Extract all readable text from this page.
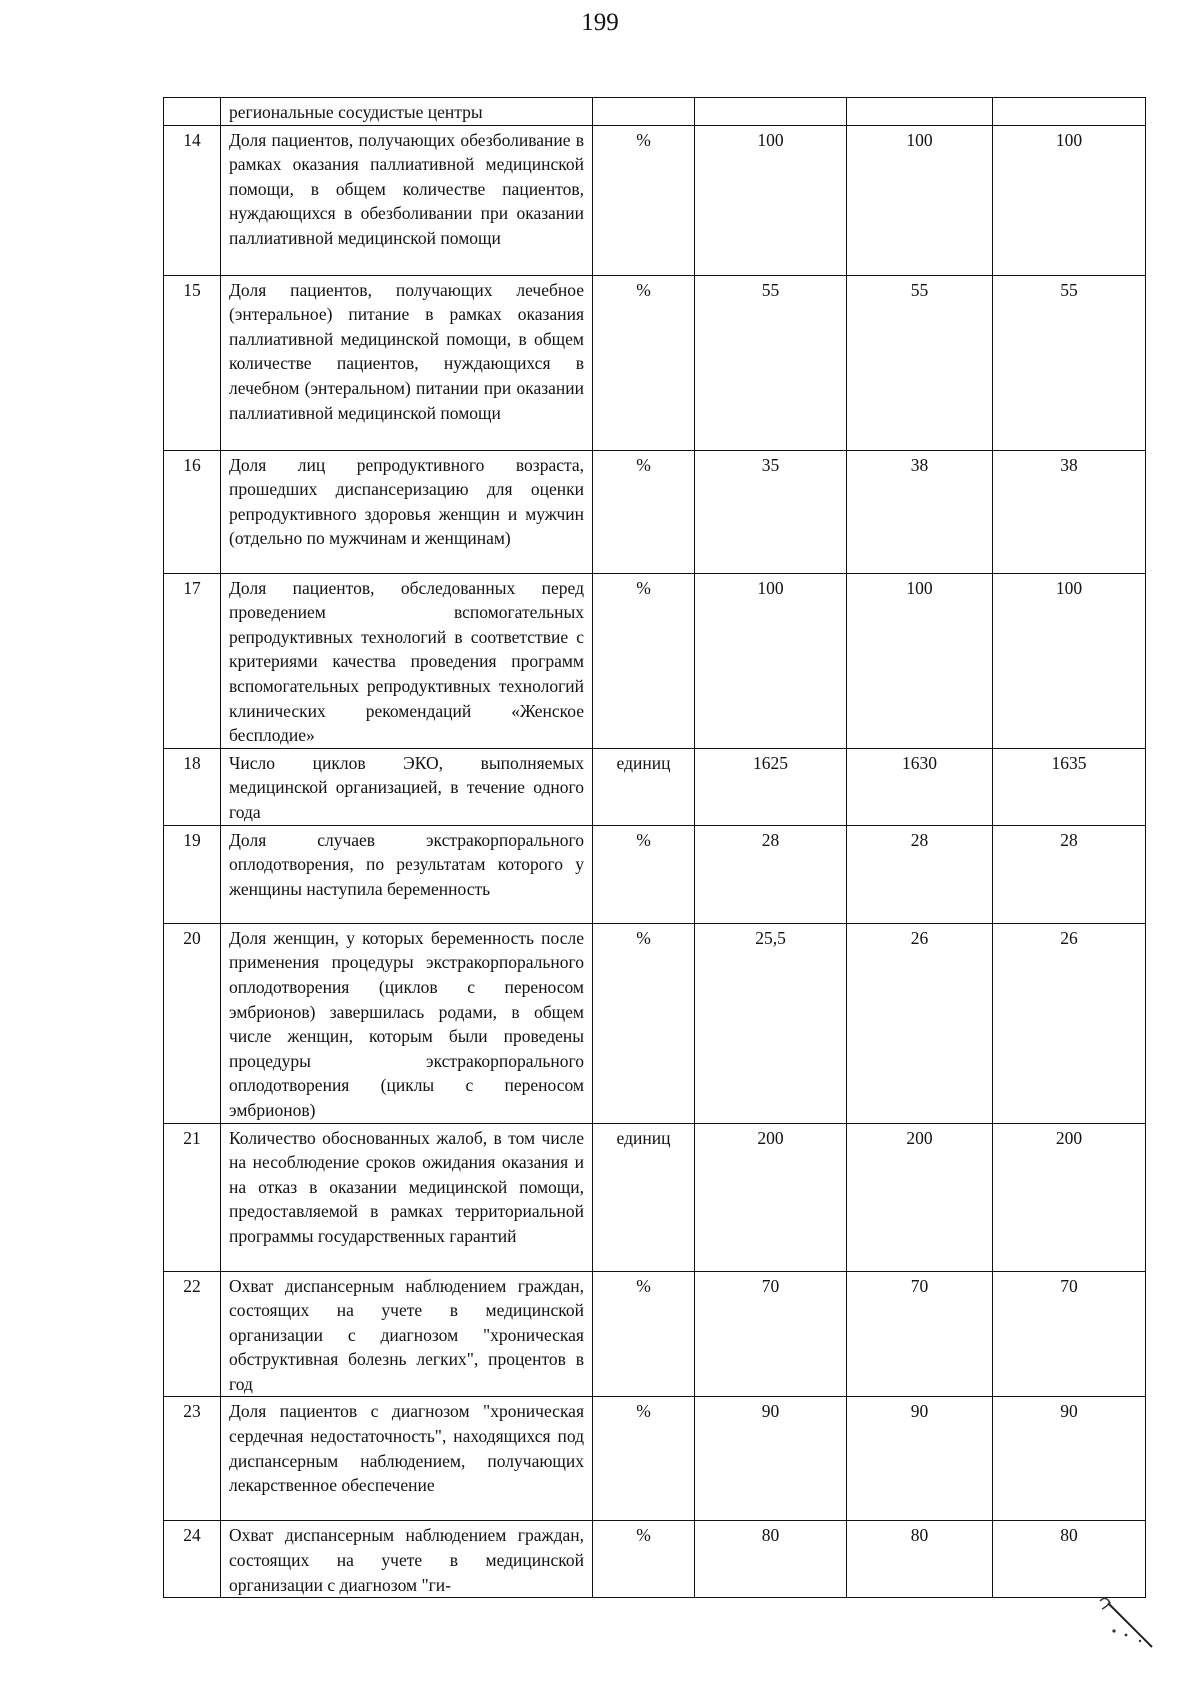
199
	региональные сосудистые центры				
14	Доля пациентов, получающих обезболивание в рамках оказания паллиативной медицинской помощи, в общем количестве пациентов, нуждающихся в обезболивании при оказании паллиативной медицинской помощи	%	100	100	100
15	Доля пациентов, получающих лечебное (энтеральное) питание в рамках оказания паллиативной медицинской помощи, в общем количестве пациентов, нуждающихся в лечебном (энтеральном) питании при оказании паллиативной медицинской помощи	%	55	55	55
16	Доля лиц репродуктивного возраста, прошедших диспансеризацию для оценки репродуктивного здоровья женщин и мужчин (отдельно по мужчинам и женщинам)	%	35	38	38
17	Доля пациентов, обследованных перед проведением вспомогательных репродуктивных технологий в соответствие с критериями качества проведения программ вспомогательных репродуктивных технологий клинических рекомендаций «Женское бесплодие»	%	100	100	100
18	Число циклов ЭКО, выполняемых медицинской организацией, в течение одного года	единиц	1625	1630	1635
19	Доля случаев экстракорпорального оплодотворения, по результатам которого у женщины наступила беременность	%	28	28	28
20	Доля женщин, у которых беременность после применения процедуры экстракорпорального оплодотворения (циклов с переносом эмбрионов) завершилась родами, в общем числе женщин, которым были проведены процедуры экстракорпорального оплодотворения (циклы с переносом эмбрионов)	%	25,5	26	26
21	Количество обоснованных жалоб, в том числе на несоблюдение сроков ожидания оказания и на отказ в оказании медицинской помощи, предоставляемой в рамках территориальной программы государственных гарантий	единиц	200	200	200
22	Охват диспансерным наблюдением граждан, состоящих на учете в медицинской организации с диагнозом "хроническая обструктивная болезнь легких", процентов в год	%	70	70	70
23	Доля пациентов с диагнозом "хроническая сердечная недостаточность", находящихся под диспансерным наблюдением, получающих лекарственное обеспечение	%	90	90	90
24	Охват диспансерным наблюдением граждан, состоящих на учете в медицинской организации с диагнозом "ги-	%	80	80	80
